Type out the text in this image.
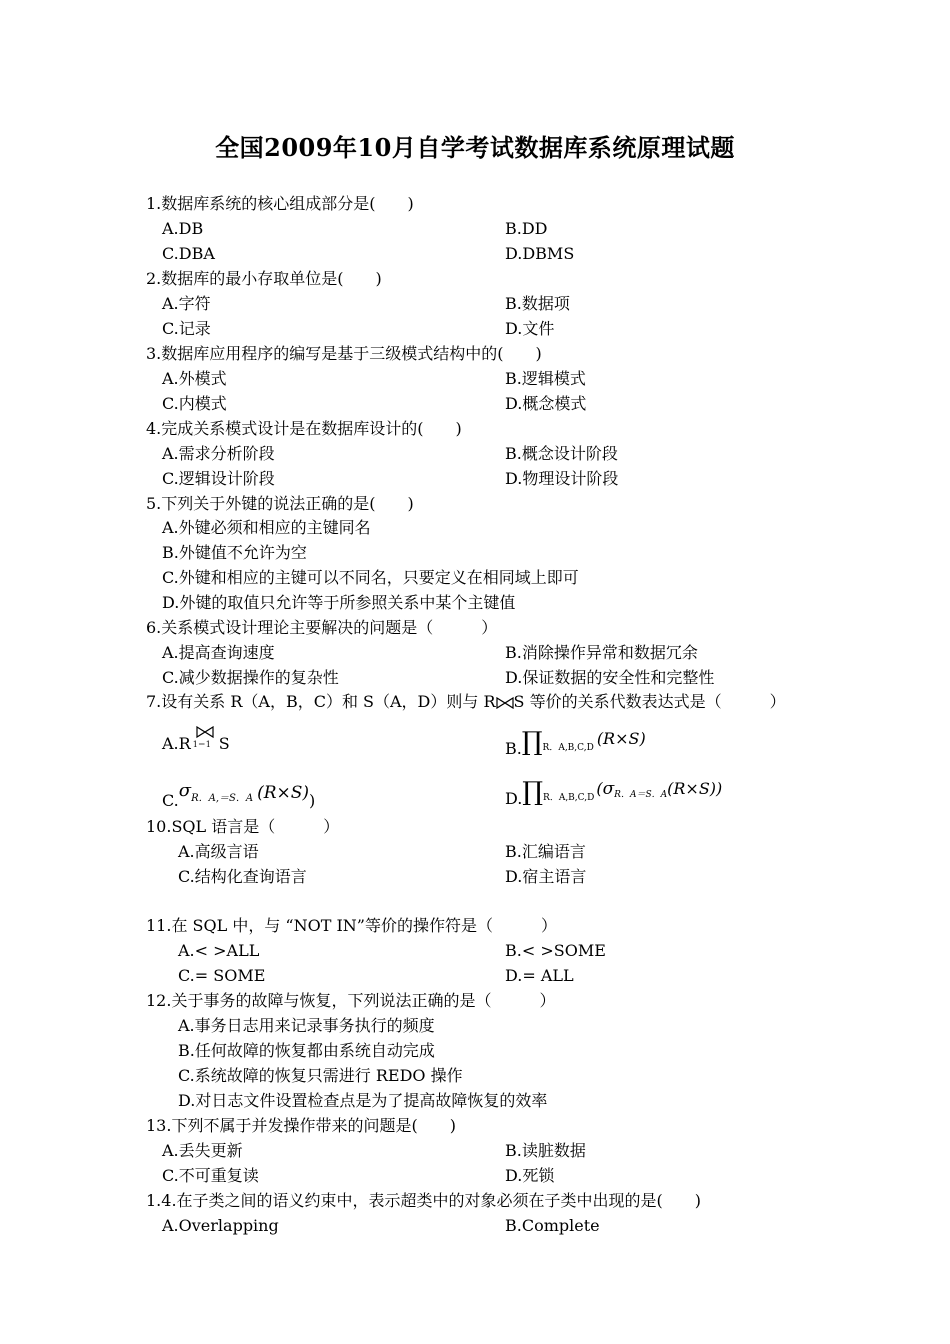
全国2009年10月自学考试数据库系统原理试题
1.数据库系统的核心组成部分是(　　)
A.DB	B.DD
C.DBA	D.DBMS
2.数据库的最小存取单位是(　　)
A.字符	B.数据项
C.记录	D.文件
3.数据库应用程序的编写是基于三级模式结构中的(　　)
A.外模式	B.逻辑模式
C.内模式	D.概念模式
4.完成关系模式设计是在数据库设计的(　　)
A.需求分析阶段	B.概念设计阶段
C.逻辑设计阶段	D.物理设计阶段
5.下列关于外键的说法正确的是(　　)
A.外键必须和相应的主键同名
B.外键值不允许为空
C.外键和相应的主键可以不同名，只要定义在相同域上即可
D.外键的取值只允许等于所参照关系中某个主键值
6.关系模式设计理论主要解决的问题是（　　　）
A.提高查询速度	B.消除操作异常和数据冗余
C.减少数据操作的复杂性	D.保证数据的安全性和完整性
7.设有关系 R（A，B，C）和 S（A，D）则与 R S 等价的关系代数表达式是（　　　）
A.R 1＝1 S	$B.\prod_{R.A,B,C,D}$ (R×S)
C.σR．A,＝S．A (R×S))	$D.\prod_{R.A,B,C,D}$ (σR．A＝S．A(R×S))
10.SQL 语言是（　　　）
A.高级言语	B.汇编语言
C.结构化查询语言	D.宿主语言
11.在 SQL 中，与 “NOT IN”等价的操作符是（　　　）
A.< >ALL	B.< >SOME
C.= SOME	D.= ALL
12.关于事务的故障与恢复，下列说法正确的是（　　　）
A.事务日志用来记录事务执行的频度
B.任何故障的恢复都由系统自动完成
C.系统故障的恢复只需进行 REDO 操作
D.对日志文件设置检查点是为了提高故障恢复的效率
13.下列不属于并发操作带来的问题是(　　)
A.丢失更新	B.读脏数据
C.不可重复读	D.死锁
1.4.在子类之间的语义约束中，表示超类中的对象必须在子类中出现的是(　　)
A.Overlapping	B.Complete
